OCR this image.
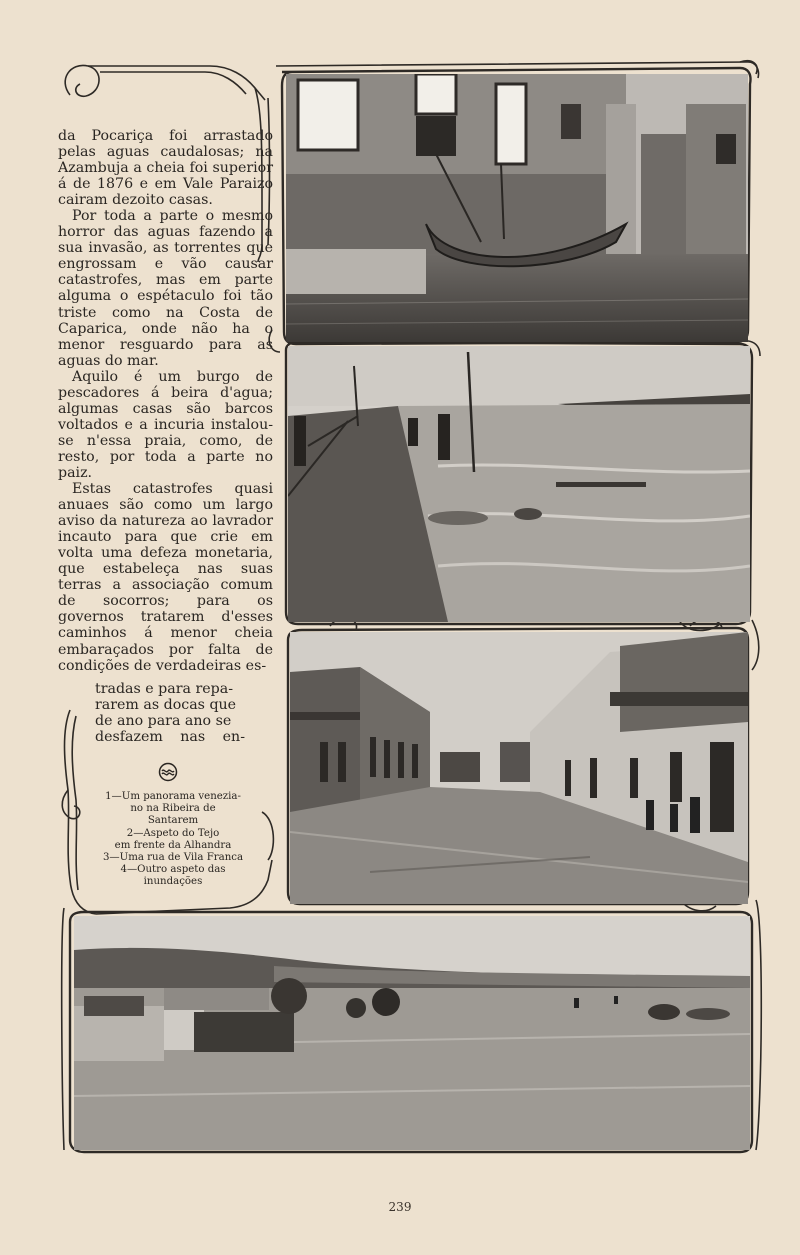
da Pocariça foi arrastado pelas aguas caudalosas; na Azambuja a cheia foi superior á de 1876 e em Vale Paraizo cairam dezoito casas.

Por toda a parte o mesmo horror das aguas fazendo a sua invasão, as torrentes que engrossam e vão causar catastrofes, mas em parte alguma o espétaculo foi tão triste como na Costa de Caparica, onde não ha o menor resguardo para as aguas do mar.

Aquilo é um burgo de pescadores á beira d'agua; algumas casas são barcos voltados e a incuria instalou-se n'essa praia, como, de resto, por toda a parte no paiz.

Estas catastrofes quasi anuaes são como um largo aviso da natureza ao lavrador incauto para que crie em volta uma defeza monetaria, que estabeleça nas suas terras a associação comum de socorros; para os governos tratarem d'esses caminhos á menor cheia embaraçados por falta de condições de verdadeiras es-

tradas e para repa-
rarem as docas que
de ano para ano se
desfazem nas en-
1—Um panorama venezia-
no na Ribeira de
Santarem
2—Aspeto do Tejo
em frente da Alhandra
3—Uma rua de Vila Franca
4—Outro aspeto das
inundações
239
